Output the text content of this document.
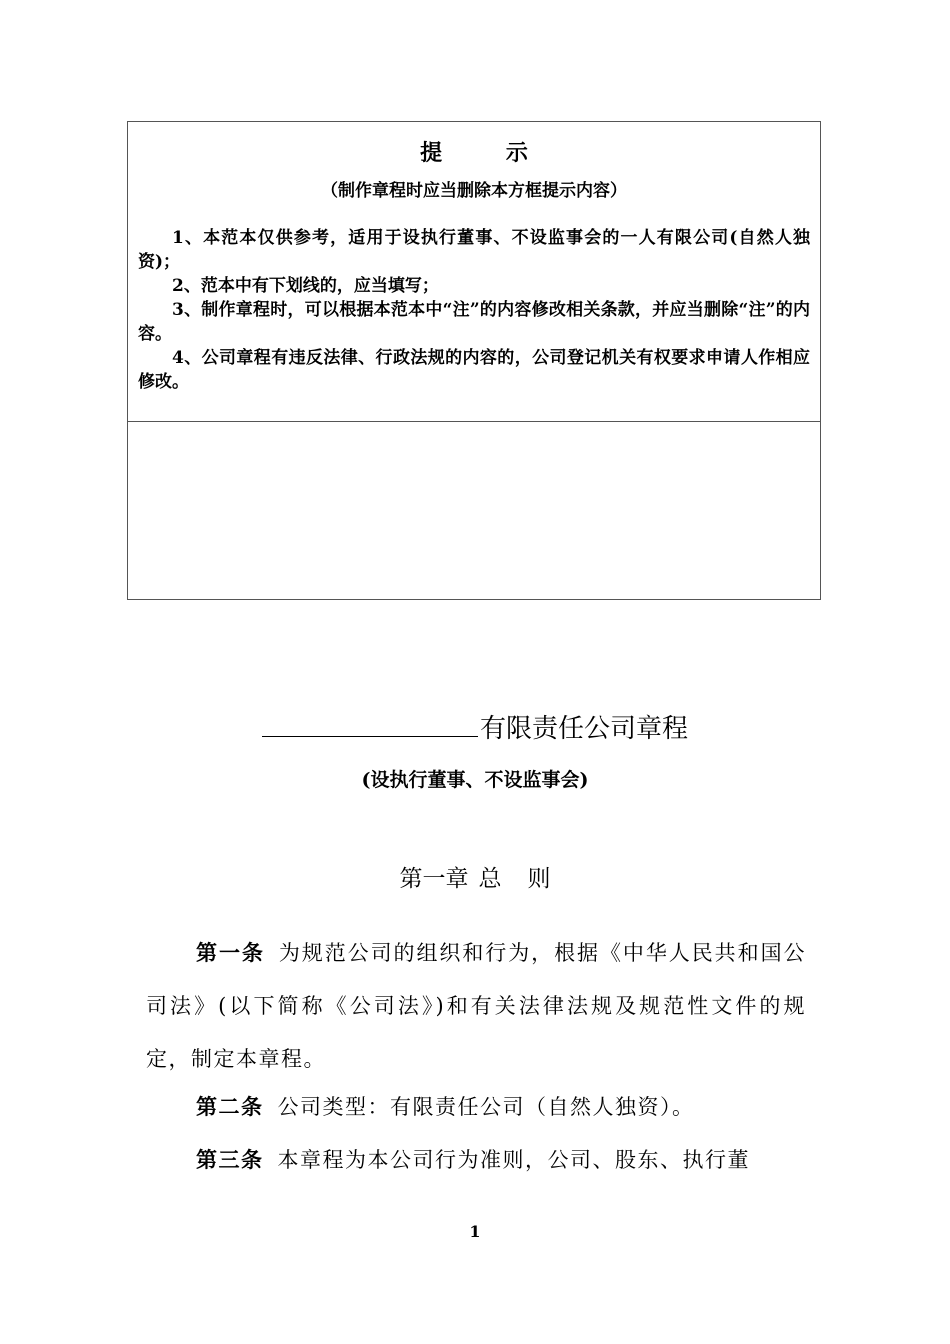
提 示
（制作章程时应当删除本方框提示内容）

1、本范本仅供参考，适用于设执行董事、不设监事会的一人有限公司(自然人独资)；

2、范本中有下划线的，应当填写；

3、制作章程时，可以根据本范本中“注”的内容修改相关条款，并应当删除“注”的内容。

4、公司章程有违反法律、行政法规的内容的，公司登记机关有权要求申请人作相应修改。

有限责任公司章程
(设执行董事、不设监事会)
第一章 总 则
第一条 为规范公司的组织和行为，根据《中华人民共和国公司法》(以下简称《公司法》)和有关法律法规及规范性文件的规定，制定本章程。
第二条 公司类型：有限责任公司（自然人独资）。
第三条 本章程为本公司行为准则，公司、股东、执行董
1
